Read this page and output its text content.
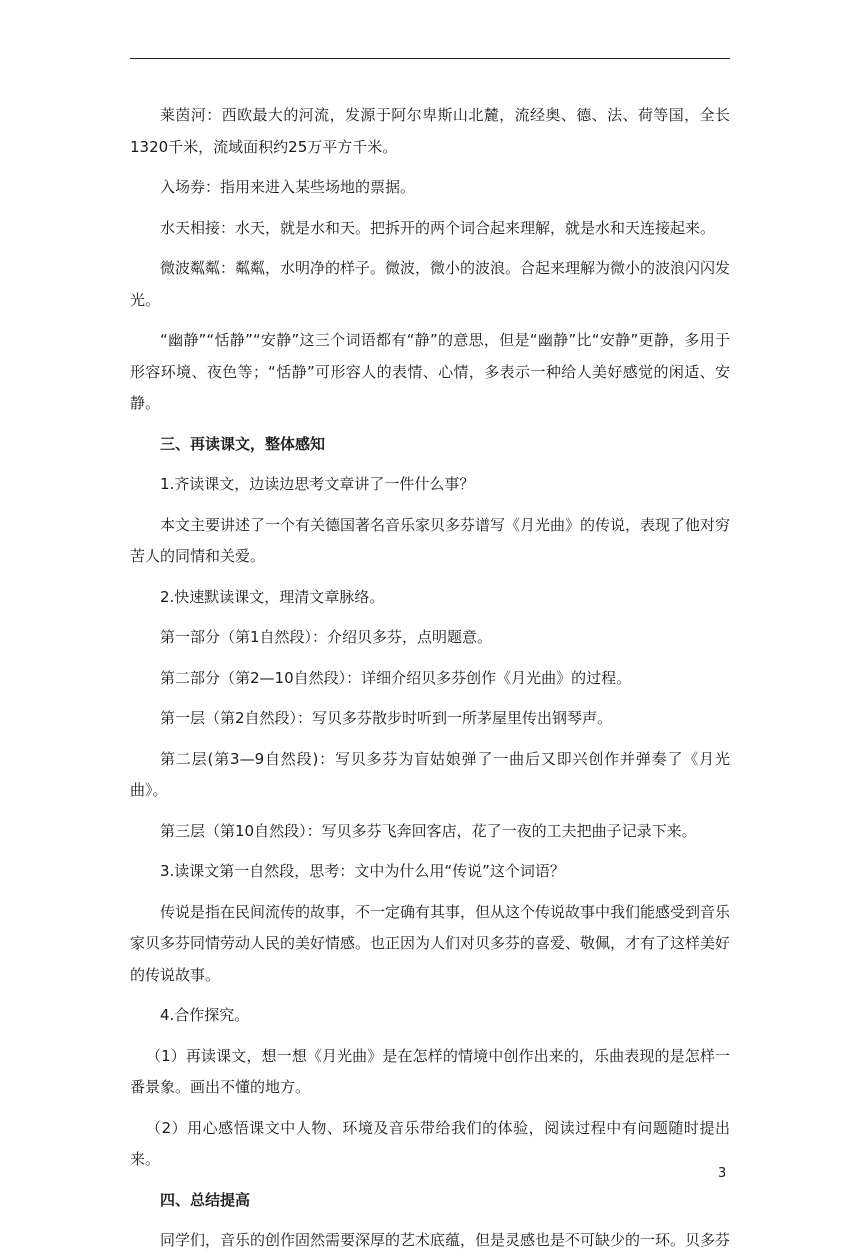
莱茵河：西欧最大的河流，发源于阿尔卑斯山北麓，流经奥、德、法、荷等国，全长1320千米，流域面积约25万平方千米。

入场券：指用来进入某些场地的票据。

水天相接：水天，就是水和天。把拆开的两个词合起来理解，就是水和天连接起来。

微波粼粼：粼粼，水明净的样子。微波，微小的波浪。合起来理解为微小的波浪闪闪发光。

“幽静”“恬静”“安静”这三个词语都有“静”的意思，但是“幽静”比“安静”更静，多用于形容环境、夜色等；“恬静”可形容人的表情、心情，多表示一种给人美好感觉的闲适、安静。

三、再读课文，整体感知

1.齐读课文，边读边思考文章讲了一件什么事？

本文主要讲述了一个有关德国著名音乐家贝多芬谱写《月光曲》的传说，表现了他对穷苦人的同情和关爱。

2.快速默读课文，理清文章脉络。

第一部分（第1自然段）：介绍贝多芬，点明题意。

第二部分（第2—10自然段）：详细介绍贝多芬创作《月光曲》的过程。

第一层（第2自然段）：写贝多芬散步时听到一所茅屋里传出钢琴声。

第二层(第3—9自然段)：写贝多芬为盲姑娘弹了一曲后又即兴创作并弹奏了《月光曲》。

第三层（第10自然段）：写贝多芬飞奔回客店，花了一夜的工夫把曲子记录下来。

3.读课文第一自然段，思考：文中为什么用“传说”这个词语？

传说是指在民间流传的故事，不一定确有其事，但从这个传说故事中我们能感受到音乐家贝多芬同情劳动人民的美好情感。也正因为人们对贝多芬的喜爱、敬佩，才有了这样美好的传说故事。

4.合作探究。

（1）再读课文，想一想《月光曲》是在怎样的情境中创作出来的，乐曲表现的是怎样一番景象。画出不懂的地方。

（2）用心感悟课文中人物、环境及音乐带给我们的体验，阅读过程中有问题随时提出来。

四、总结提高

同学们，音乐的创作固然需要深厚的艺术底蕴，但是灵感也是不可缺少的一环。贝多芬

3
